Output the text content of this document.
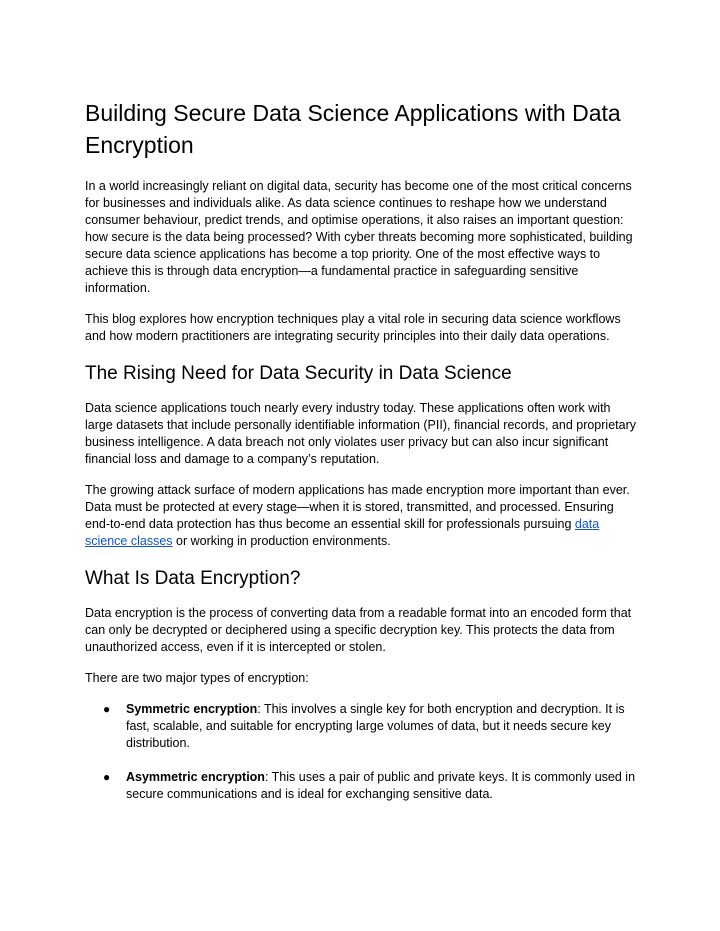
Building Secure Data Science Applications with Data Encryption

In a world increasingly reliant on digital data, security has become one of the most critical concerns for businesses and individuals alike. As data science continues to reshape how we understand consumer behaviour, predict trends, and optimise operations, it also raises an important question: how secure is the data being processed? With cyber threats becoming more sophisticated, building secure data science applications has become a top priority. One of the most effective ways to achieve this is through data encryption—a fundamental practice in safeguarding sensitive information.

This blog explores how encryption techniques play a vital role in securing data science workflows and how modern practitioners are integrating security principles into their daily data operations.

The Rising Need for Data Security in Data Science

Data science applications touch nearly every industry today. These applications often work with large datasets that include personally identifiable information (PII), financial records, and proprietary business intelligence. A data breach not only violates user privacy but can also incur significant financial loss and damage to a company’s reputation.

The growing attack surface of modern applications has made encryption more important than ever. Data must be protected at every stage—when it is stored, transmitted, and processed. Ensuring end-to-end data protection has thus become an essential skill for professionals pursuing data science classes or working in production environments.

What Is Data Encryption?

Data encryption is the process of converting data from a readable format into an encoded form that can only be decrypted or deciphered using a specific decryption key. This protects the data from unauthorized access, even if it is intercepted or stolen.

There are two major types of encryption:

● Symmetric encryption: This involves a single key for both encryption and decryption. It is fast, scalable, and suitable for encrypting large volumes of data, but it needs secure key distribution.
● Asymmetric encryption: This uses a pair of public and private keys. It is commonly used in secure communications and is ideal for exchanging sensitive data.
